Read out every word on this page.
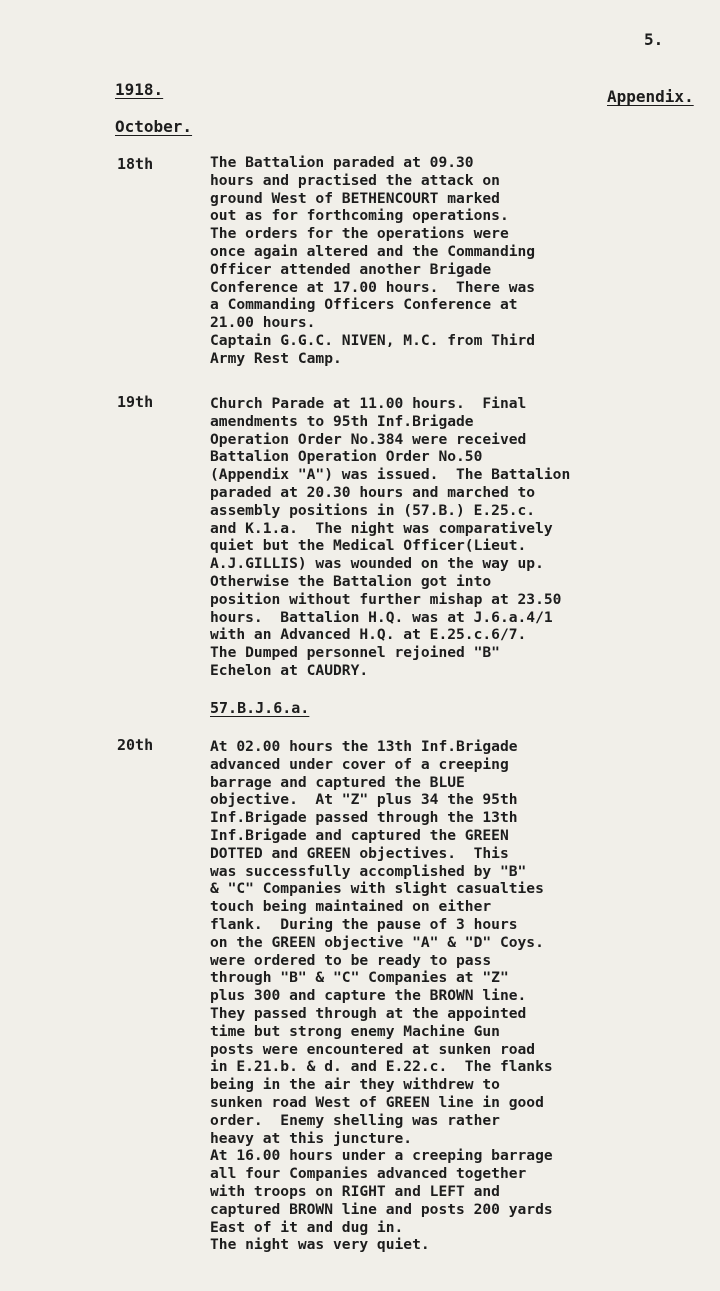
5.
1918.	Appendix.
October.
18th	The Battalion paraded at 09.30
hours and practised the attack on
ground West of BETHENCOURT marked
out as for forthcoming operations.
The orders for the operations were
once again altered and the Commanding
Officer attended another Brigade
Conference at 17.00 hours.  There was
a Commanding Officers Conference at
21.00 hours.
Captain G.G.C. NIVEN, M.C. from Third
Army Rest Camp.
19th	Church Parade at 11.00 hours.  Final
amendments to 95th Inf.Brigade
Operation Order No.384 were received
Battalion Operation Order No.50
(Appendix "A") was issued.  The Battalion
paraded at 20.30 hours and marched to
assembly positions in (57.B.) E.25.c.
and K.1.a.  The night was comparatively
quiet but the Medical Officer(Lieut.
A.J.GILLIS) was wounded on the way up.
Otherwise the Battalion got into
position without further mishap at 23.50
hours.  Battalion H.Q. was at J.6.a.4/1
with an Advanced H.Q. at E.25.c.6/7.
The Dumped personnel rejoined "B"
Echelon at CAUDRY.
57.B.J.6.a.
20th	At 02.00 hours the 13th Inf.Brigade
advanced under cover of a creeping
barrage and captured the BLUE
objective.  At "Z" plus 34 the 95th
Inf.Brigade passed through the 13th
Inf.Brigade and captured the GREEN
DOTTED and GREEN objectives.  This
was successfully accomplished by "B"
& "C" Companies with slight casualties
touch being maintained on either
flank.  During the pause of 3 hours
on the GREEN objective "A" & "D" Coys.
were ordered to be ready to pass
through "B" & "C" Companies at "Z"
plus 300 and capture the BROWN line.
They passed through at the appointed
time but strong enemy Machine Gun
posts were encountered at sunken road
in E.21.b. & d. and E.22.c.  The flanks
being in the air they withdrew to
sunken road West of GREEN line in good
order.  Enemy shelling was rather
heavy at this juncture.
At 16.00 hours under a creeping barrage
all four Companies advanced together
with troops on RIGHT and LEFT and
captured BROWN line and posts 200 yards
East of it and dug in.
The night was very quiet.
